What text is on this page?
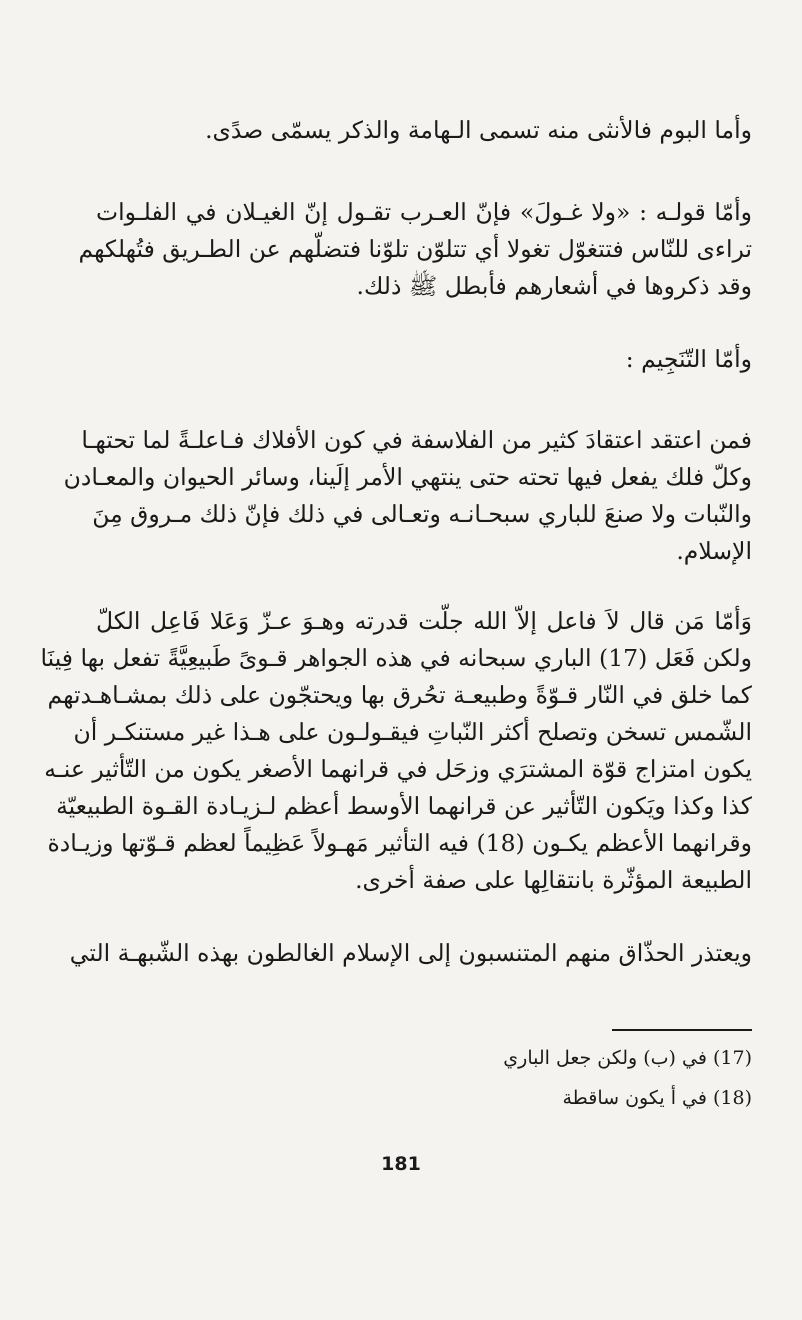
وأما البوم فالأنثى منه تسمى الـهامة والذكر يسمّى صدًى.
وأمّا قولـه : «ولا غـولَ» فإنّ العـرب تقـول إنّ الغيـلان في الفلـوات
تراءى للنّاس فتتغوّل تغولا أي تتلوّن تلوّنا فتضلّهم عن الطـريق فتُهلكهم
وقد ذكروها في أشعارهم فأبطل ﷺ ذلك.
وأمّا التّنَجِيم :
فمن اعتقد اعتقادَ كثير من الفلاسفة في كون الأفلاك فـاعلـةً لما تحتهـا
وكلّ فلك يفعل فيها تحته حتى ينتهي الأمر إلَينا، وسائر الحيوان والمعـادن
والنّبات ولا صنعَ للباري سبحـانـه وتعـالى في ذلك فإنّ ذلك مـروق مِنَ
الإسلام.
وَأمّا مَن قال لاَ فاعل إلاّ الله جلّت قدرته وهـوَ عـزّ وَعَلا فَاعِل الكلّ
ولكن فَعَل (17) الباري سبحانه في هذه الجواهر قـوىً طَبيعِيَّةً تفعل بها فِينَا
كما خلق في النّار قـوّةً وطبيعـة تحُرق بها ويحتجّون على ذلك بمشـاهـدتهم
الشّمس تسخن وتصلح أكثر النّباتِ فيقـولـون على هـذا غير مستنكـر أن
يكون امتزاج قوّة المشترَي وزحَل في قرانهما الأصغر يكون من التّأثير عنـه
كذا وكذا ويَكون التّأثير عن قرانهما الأوسط أعظم لـزيـادة القـوة الطبيعيّة
وقرانهما الأعظم يكـون (18) فيه التأثير مَهـولاً عَظِيماً لعظم قـوّتها وزيـادة
الطبيعة المؤثّرة بانتقالِها على صفة أخرى.
ويعتذر الحذّاق منهم المتنسبون إلى الإسلام الغالطون بهذه الشّبهـة التي
(17) في (ب) ولكن جعل الباري
(18) في أ يكون ساقطة
181
